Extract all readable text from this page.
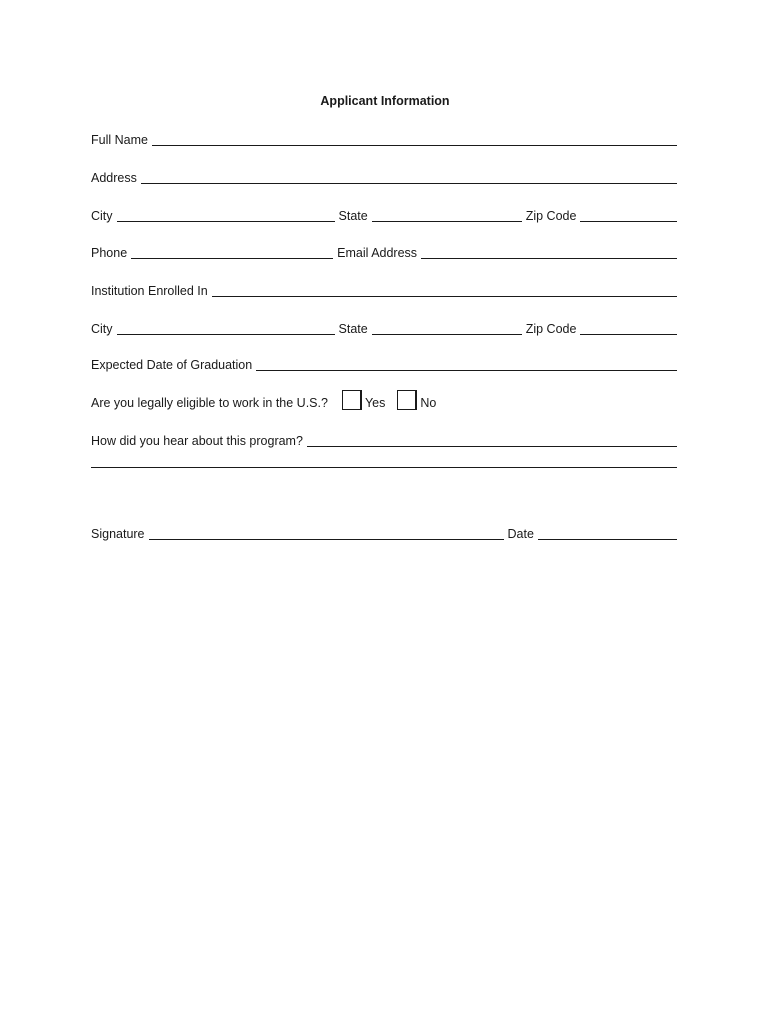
Applicant Information
Full Name
Address
City	State	Zip Code
Phone	Email Address
Institution Enrolled In
City	State	Zip Code
Expected Date of Graduation
Are you legally eligible to work in the U.S.?	Yes	No
How did you hear about this program?
Signature	Date
